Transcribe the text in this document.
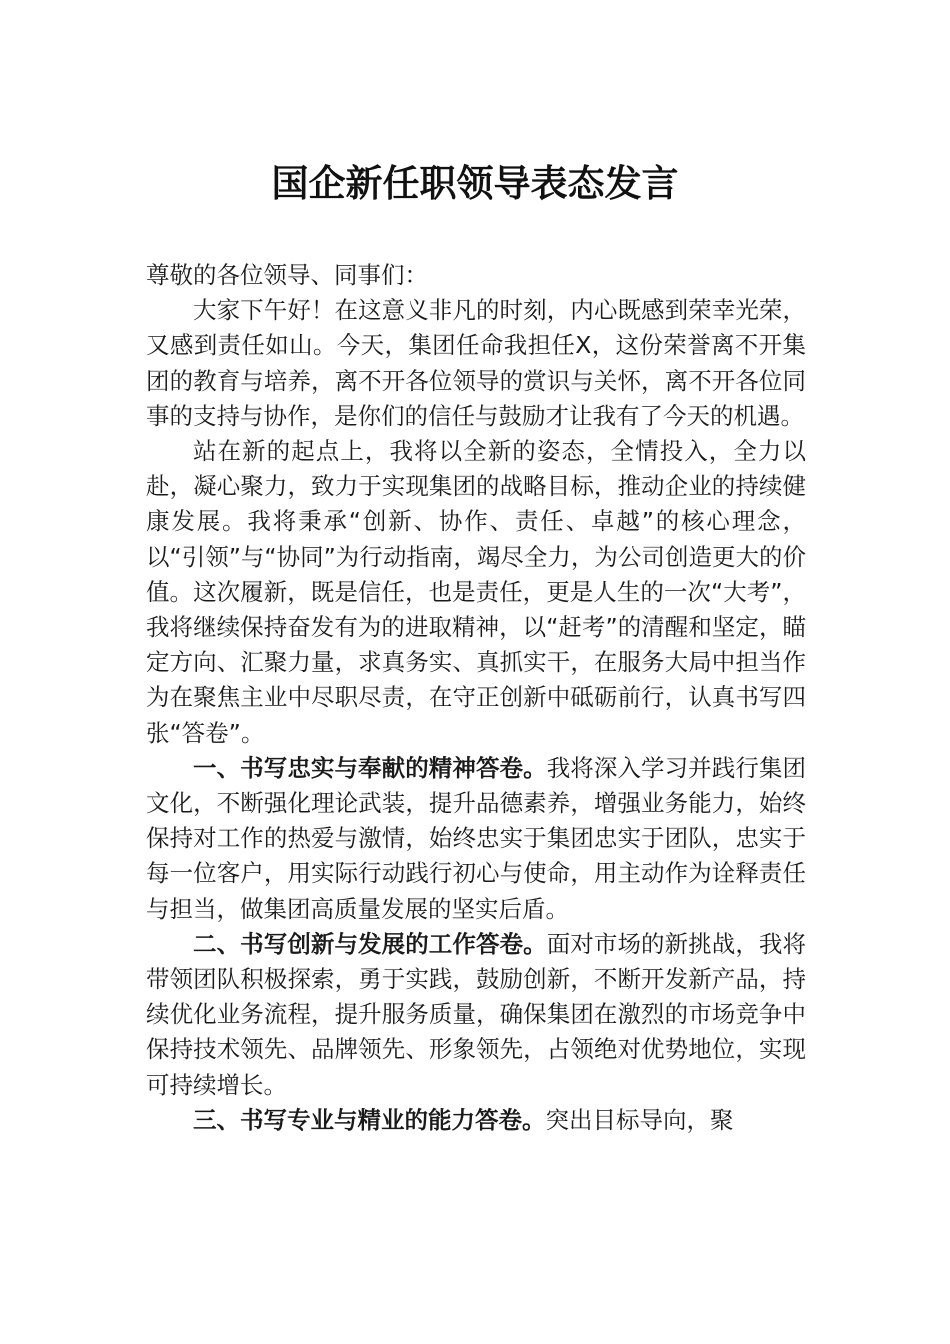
国企新任职领导表态发言

尊敬的各位领导、同事们：

大家下午好！在这意义非凡的时刻，内心既感到荣幸光荣，又感到责任如山。今天，集团任命我担任X，这份荣誉离不开集团的教育与培养，离不开各位领导的赏识与关怀，离不开各位同事的支持与协作，是你们的信任与鼓励才让我有了今天的机遇。

站在新的起点上，我将以全新的姿态，全情投入，全力以赴，凝心聚力，致力于实现集团的战略目标，推动企业的持续健康发展。我将秉承“创新、协作、责任、卓越”的核心理念，以“引领”与“协同”为行动指南，竭尽全力，为公司创造更大的价值。这次履新，既是信任，也是责任，更是人生的一次“大考”，我将继续保持奋发有为的进取精神，以“赶考”的清醒和坚定，瞄定方向、汇聚力量，求真务实、真抓实干，在服务大局中担当作为在聚焦主业中尽职尽责，在守正创新中砥砺前行，认真书写四张“答卷”。

一、书写忠实与奉献的精神答卷。我将深入学习并践行集团文化，不断强化理论武装，提升品德素养，增强业务能力，始终保持对工作的热爱与激情，始终忠实于集团忠实于团队，忠实于每一位客户，用实际行动践行初心与使命，用主动作为诠释责任与担当，做集团高质量发展的坚实后盾。

二、书写创新与发展的工作答卷。面对市场的新挑战，我将带领团队积极探索，勇于实践，鼓励创新，不断开发新产品，持续优化业务流程，提升服务质量，确保集团在激烈的市场竞争中保持技术领先、品牌领先、形象领先，占领绝对优势地位，实现可持续增长。

三、书写专业与精业的能力答卷。突出目标导向，聚
